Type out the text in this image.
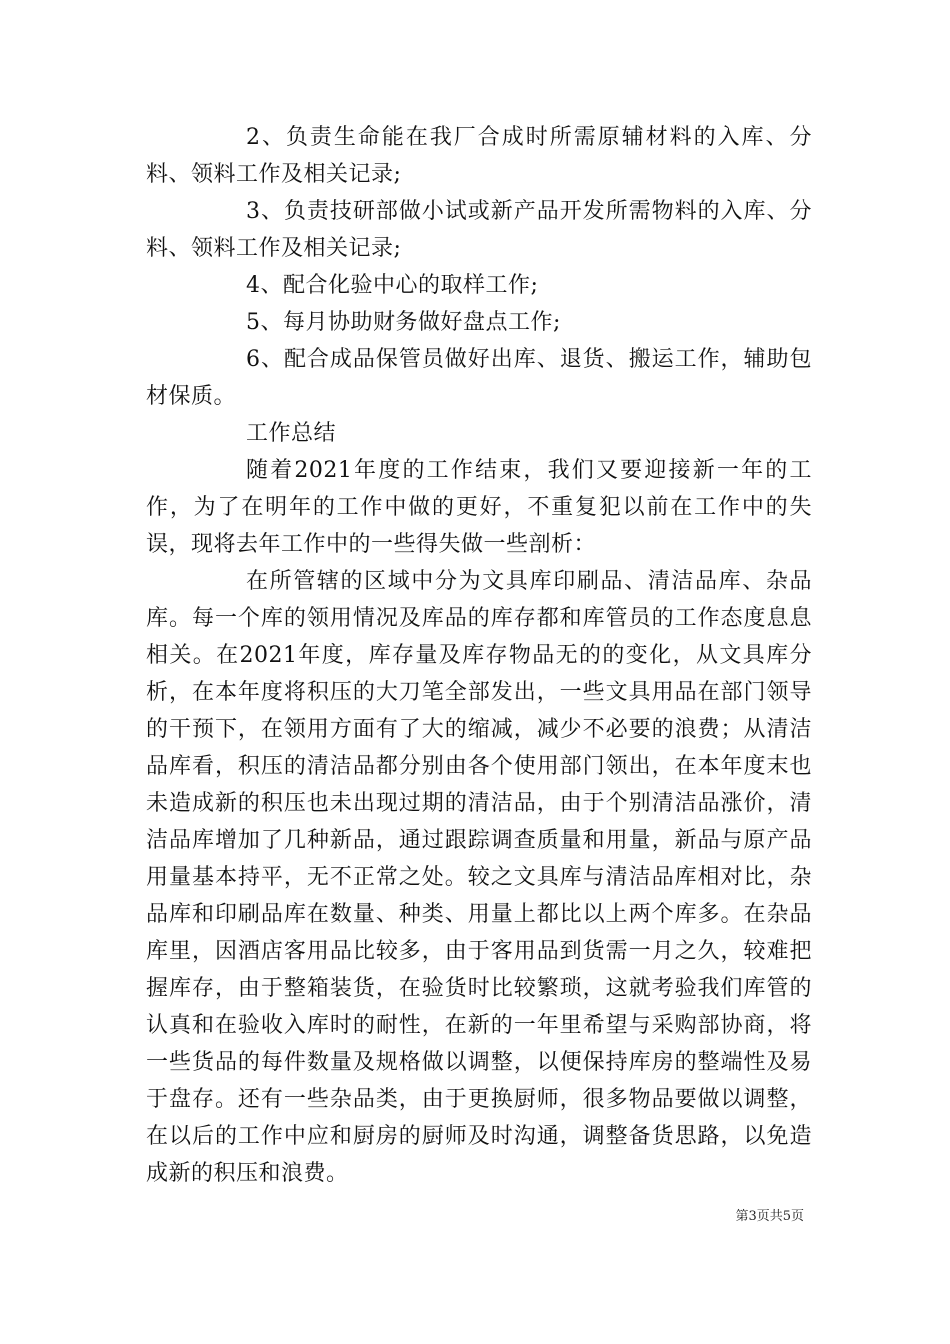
2、负责生命能在我厂合成时所需原辅材料的入库、分料、领料工作及相关记录;

3、负责技研部做小试或新产品开发所需物料的入库、分料、领料工作及相关记录;

4、配合化验中心的取样工作;

5、每月协助财务做好盘点工作;

6、配合成品保管员做好出库、退货、搬运工作，辅助包材保质。

工作总结

随着2021年度的工作结束，我们又要迎接新一年的工作，为了在明年的工作中做的更好，不重复犯以前在工作中的失误，现将去年工作中的一些得失做一些剖析：

在所管辖的区域中分为文具库印刷品、清洁品库、杂品库。每一个库的领用情况及库品的库存都和库管员的工作态度息息相关。在2021年度，库存量及库存物品无的的变化，从文具库分析，在本年度将积压的大刀笔全部发出，一些文具用品在部门领导的干预下，在领用方面有了大的缩减，减少不必要的浪费；从清洁品库看，积压的清洁品都分别由各个使用部门领出，在本年度末也未造成新的积压也未出现过期的清洁品，由于个别清洁品涨价，清洁品库增加了几种新品，通过跟踪调查质量和用量，新品与原产品用量基本持平，无不正常之处。较之文具库与清洁品库相对比，杂品库和印刷品库在数量、种类、用量上都比以上两个库多。在杂品库里，因酒店客用品比较多，由于客用品到货需一月之久，较难把握库存，由于整箱装货，在验货时比较繁琐，这就考验我们库管的认真和在验收入库时的耐性，在新的一年里希望与采购部协商，将一些货品的每件数量及规格做以调整，以便保持库房的整端性及易于盘存。还有一些杂品类，由于更换厨师，很多物品要做以调整，在以后的工作中应和厨房的厨师及时沟通，调整备货思路，以免造成新的积压和浪费。

第3页共5页
